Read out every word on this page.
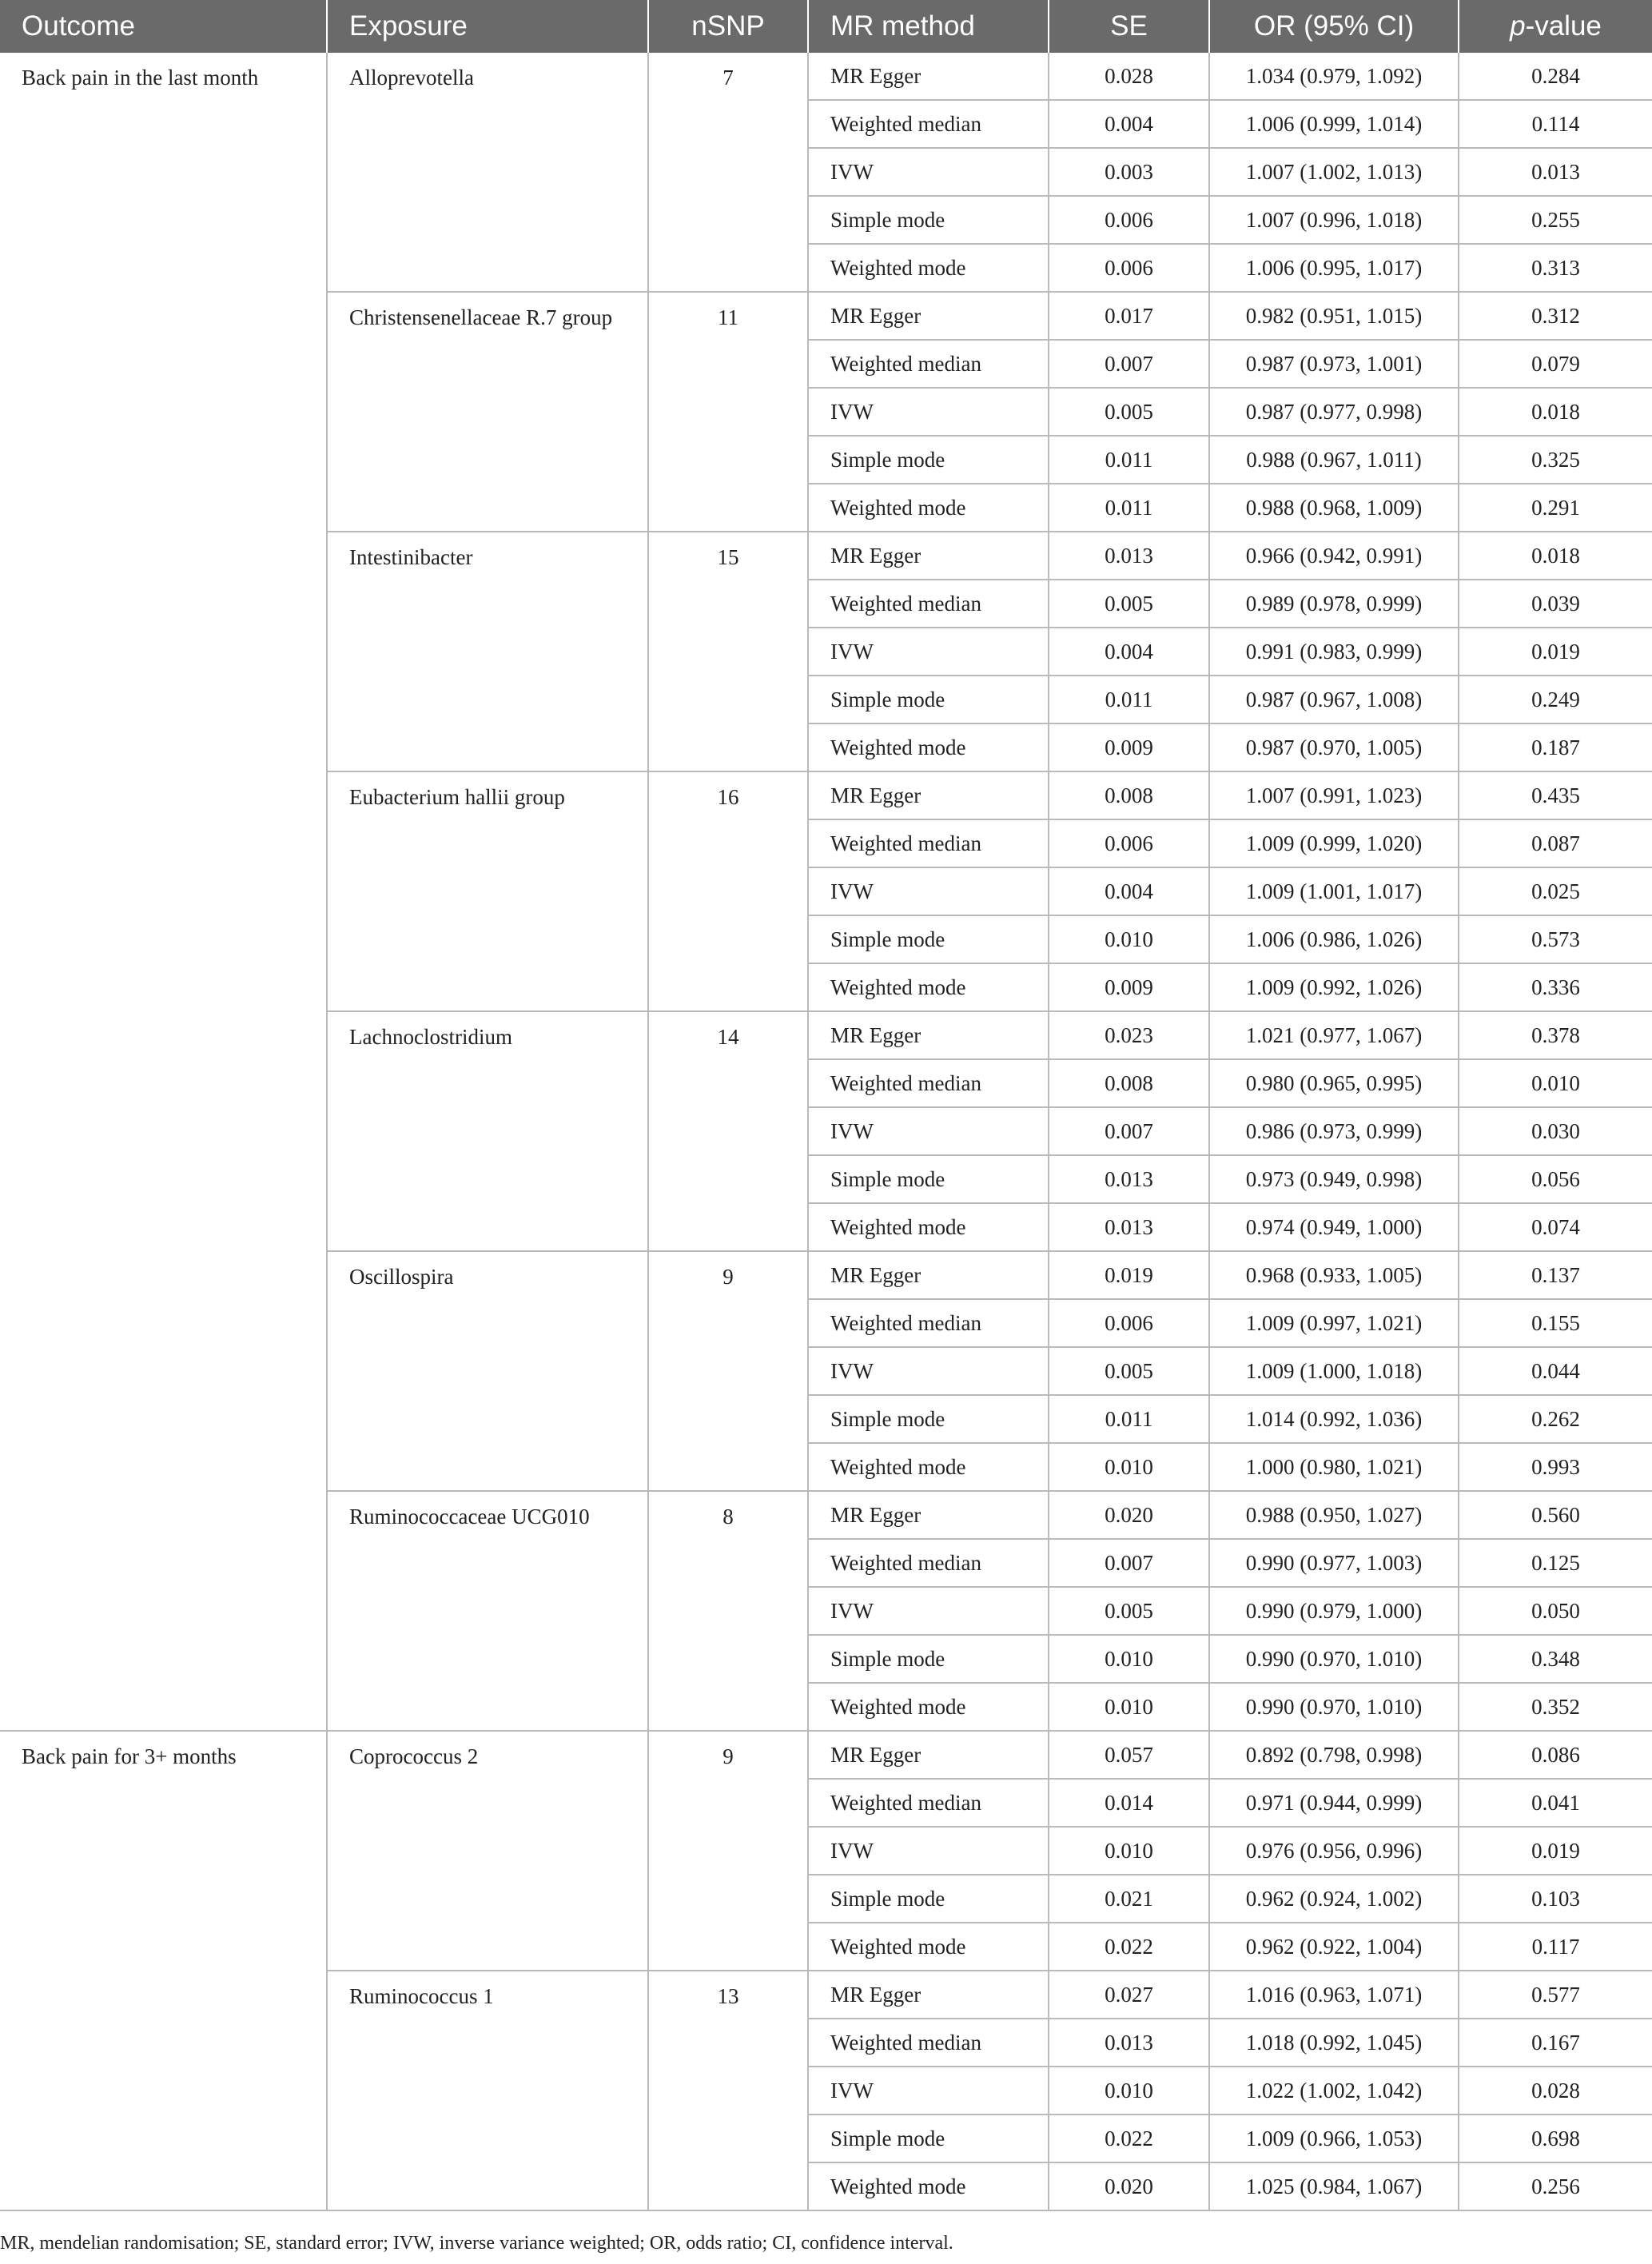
Outcome	Exposure	nSNP	MR method	SE	OR (95% CI)	p-value
Back pain in the last month	Alloprevotella	7	MR Egger	0.028	1.034 (0.979, 1.092)	0.284
			Weighted median	0.004	1.006 (0.999, 1.014)	0.114
			IVW	0.003	1.007 (1.002, 1.013)	0.013
			Simple mode	0.006	1.007 (0.996, 1.018)	0.255
			Weighted mode	0.006	1.006 (0.995, 1.017)	0.313
	Christensenellaceae R.7 group	11	MR Egger	0.017	0.982 (0.951, 1.015)	0.312
			Weighted median	0.007	0.987 (0.973, 1.001)	0.079
			IVW	0.005	0.987 (0.977, 0.998)	0.018
			Simple mode	0.011	0.988 (0.967, 1.011)	0.325
			Weighted mode	0.011	0.988 (0.968, 1.009)	0.291
	Intestinibacter	15	MR Egger	0.013	0.966 (0.942, 0.991)	0.018
			Weighted median	0.005	0.989 (0.978, 0.999)	0.039
			IVW	0.004	0.991 (0.983, 0.999)	0.019
			Simple mode	0.011	0.987 (0.967, 1.008)	0.249
			Weighted mode	0.009	0.987 (0.970, 1.005)	0.187
	Eubacterium hallii group	16	MR Egger	0.008	1.007 (0.991, 1.023)	0.435
			Weighted median	0.006	1.009 (0.999, 1.020)	0.087
			IVW	0.004	1.009 (1.001, 1.017)	0.025
			Simple mode	0.010	1.006 (0.986, 1.026)	0.573
			Weighted mode	0.009	1.009 (0.992, 1.026)	0.336
	Lachnoclostridium	14	MR Egger	0.023	1.021 (0.977, 1.067)	0.378
			Weighted median	0.008	0.980 (0.965, 0.995)	0.010
			IVW	0.007	0.986 (0.973, 0.999)	0.030
			Simple mode	0.013	0.973 (0.949, 0.998)	0.056
			Weighted mode	0.013	0.974 (0.949, 1.000)	0.074
	Oscillospira	9	MR Egger	0.019	0.968 (0.933, 1.005)	0.137
			Weighted median	0.006	1.009 (0.997, 1.021)	0.155
			IVW	0.005	1.009 (1.000, 1.018)	0.044
			Simple mode	0.011	1.014 (0.992, 1.036)	0.262
			Weighted mode	0.010	1.000 (0.980, 1.021)	0.993
	Ruminococcaceae UCG010	8	MR Egger	0.020	0.988 (0.950, 1.027)	0.560
			Weighted median	0.007	0.990 (0.977, 1.003)	0.125
			IVW	0.005	0.990 (0.979, 1.000)	0.050
			Simple mode	0.010	0.990 (0.970, 1.010)	0.348
			Weighted mode	0.010	0.990 (0.970, 1.010)	0.352
Back pain for 3+ months	Coprococcus 2	9	MR Egger	0.057	0.892 (0.798, 0.998)	0.086
			Weighted median	0.014	0.971 (0.944, 0.999)	0.041
			IVW	0.010	0.976 (0.956, 0.996)	0.019
			Simple mode	0.021	0.962 (0.924, 1.002)	0.103
			Weighted mode	0.022	0.962 (0.922, 1.004)	0.117
	Ruminococcus 1	13	MR Egger	0.027	1.016 (0.963, 1.071)	0.577
			Weighted median	0.013	1.018 (0.992, 1.045)	0.167
			IVW	0.010	1.022 (1.002, 1.042)	0.028
			Simple mode	0.022	1.009 (0.966, 1.053)	0.698
			Weighted mode	0.020	1.025 (0.984, 1.067)	0.256
MR, mendelian randomisation; SE, standard error; IVW, inverse variance weighted; OR, odds ratio; CI, confidence interval.
